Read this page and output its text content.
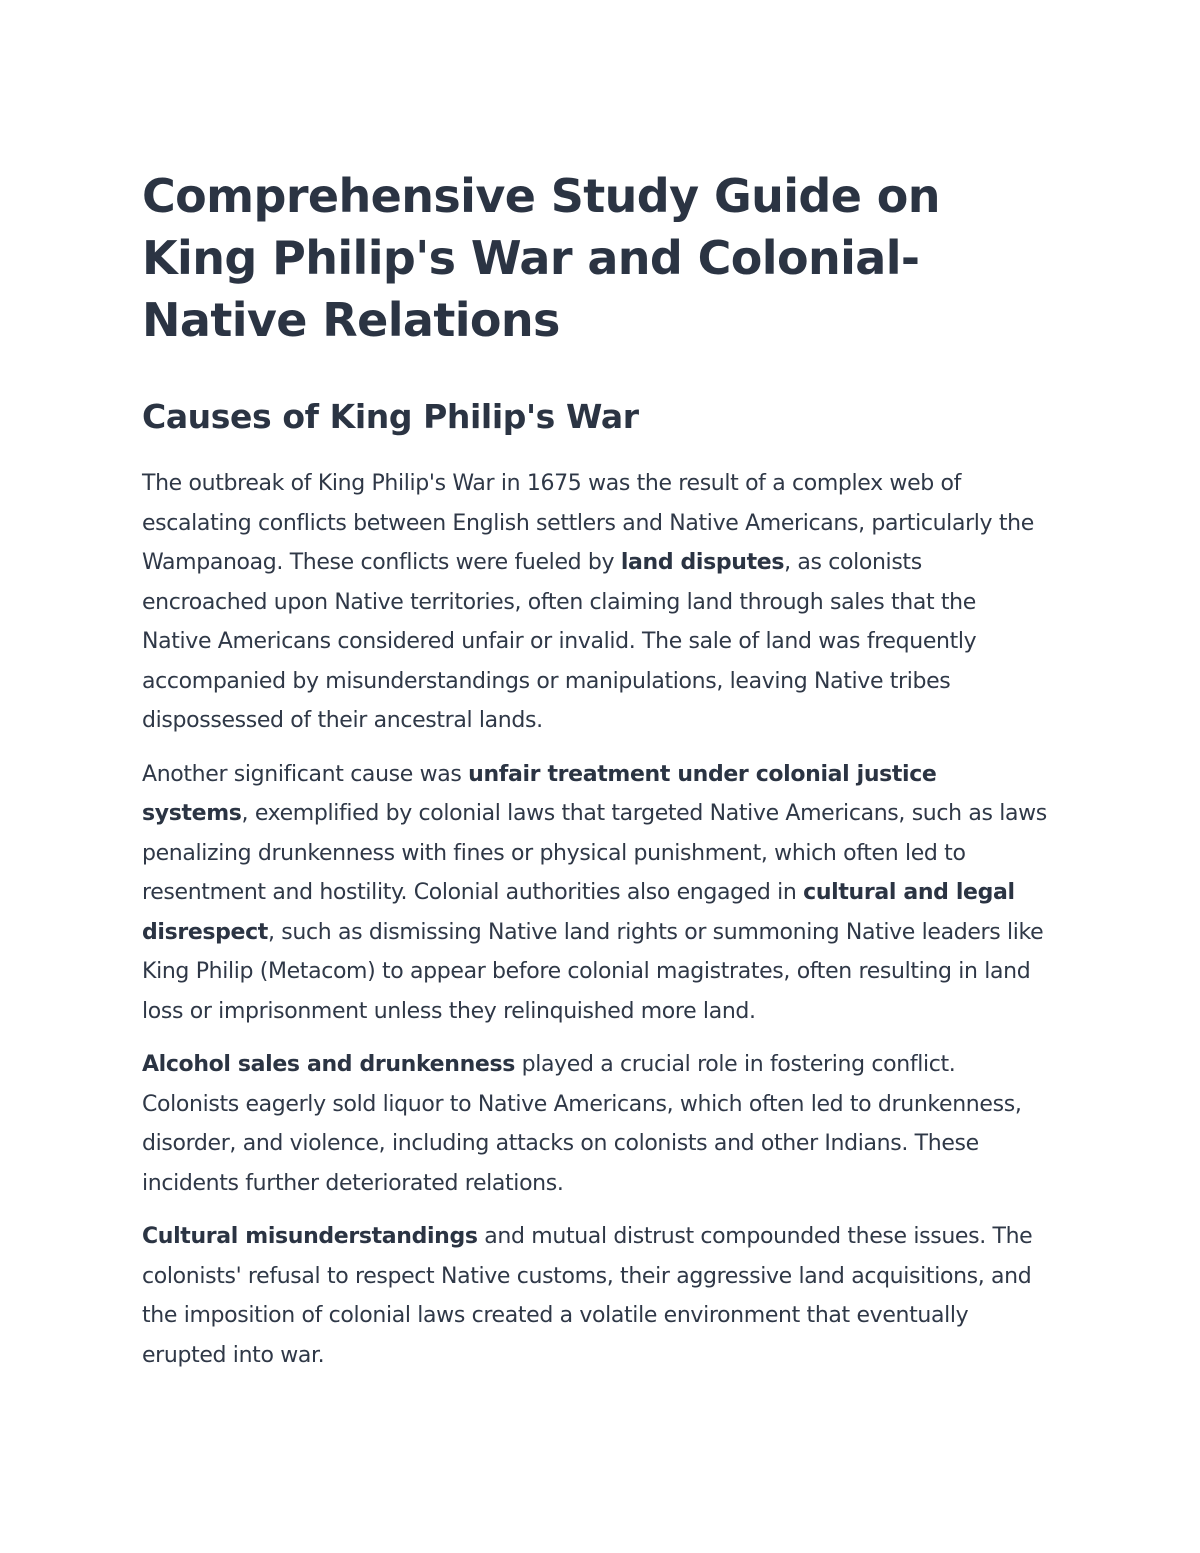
Comprehensive Study Guide on King Philip's War and Colonial-Native Relations
Causes of King Philip's War

The outbreak of King Philip's War in 1675 was the result of a complex web of escalating conflicts between English settlers and Native Americans, particularly the Wampanoag. These conflicts were fueled by land disputes, as colonists encroached upon Native territories, often claiming land through sales that the Native Americans considered unfair or invalid. The sale of land was frequently accompanied by misunderstandings or manipulations, leaving Native tribes dispossessed of their ancestral lands.

Another significant cause was unfair treatment under colonial justice systems, exemplified by colonial laws that targeted Native Americans, such as laws penalizing drunkenness with fines or physical punishment, which often led to resentment and hostility. Colonial authorities also engaged in cultural and legal disrespect, such as dismissing Native land rights or summoning Native leaders like King Philip (Metacom) to appear before colonial magistrates, often resulting in land loss or imprisonment unless they relinquished more land.

Alcohol sales and drunkenness played a crucial role in fostering conflict. Colonists eagerly sold liquor to Native Americans, which often led to drunkenness, disorder, and violence, including attacks on colonists and other Indians. These incidents further deteriorated relations.

Cultural misunderstandings and mutual distrust compounded these issues. The colonists' refusal to respect Native customs, their aggressive land acquisitions, and the imposition of colonial laws created a volatile environment that eventually erupted into war.
